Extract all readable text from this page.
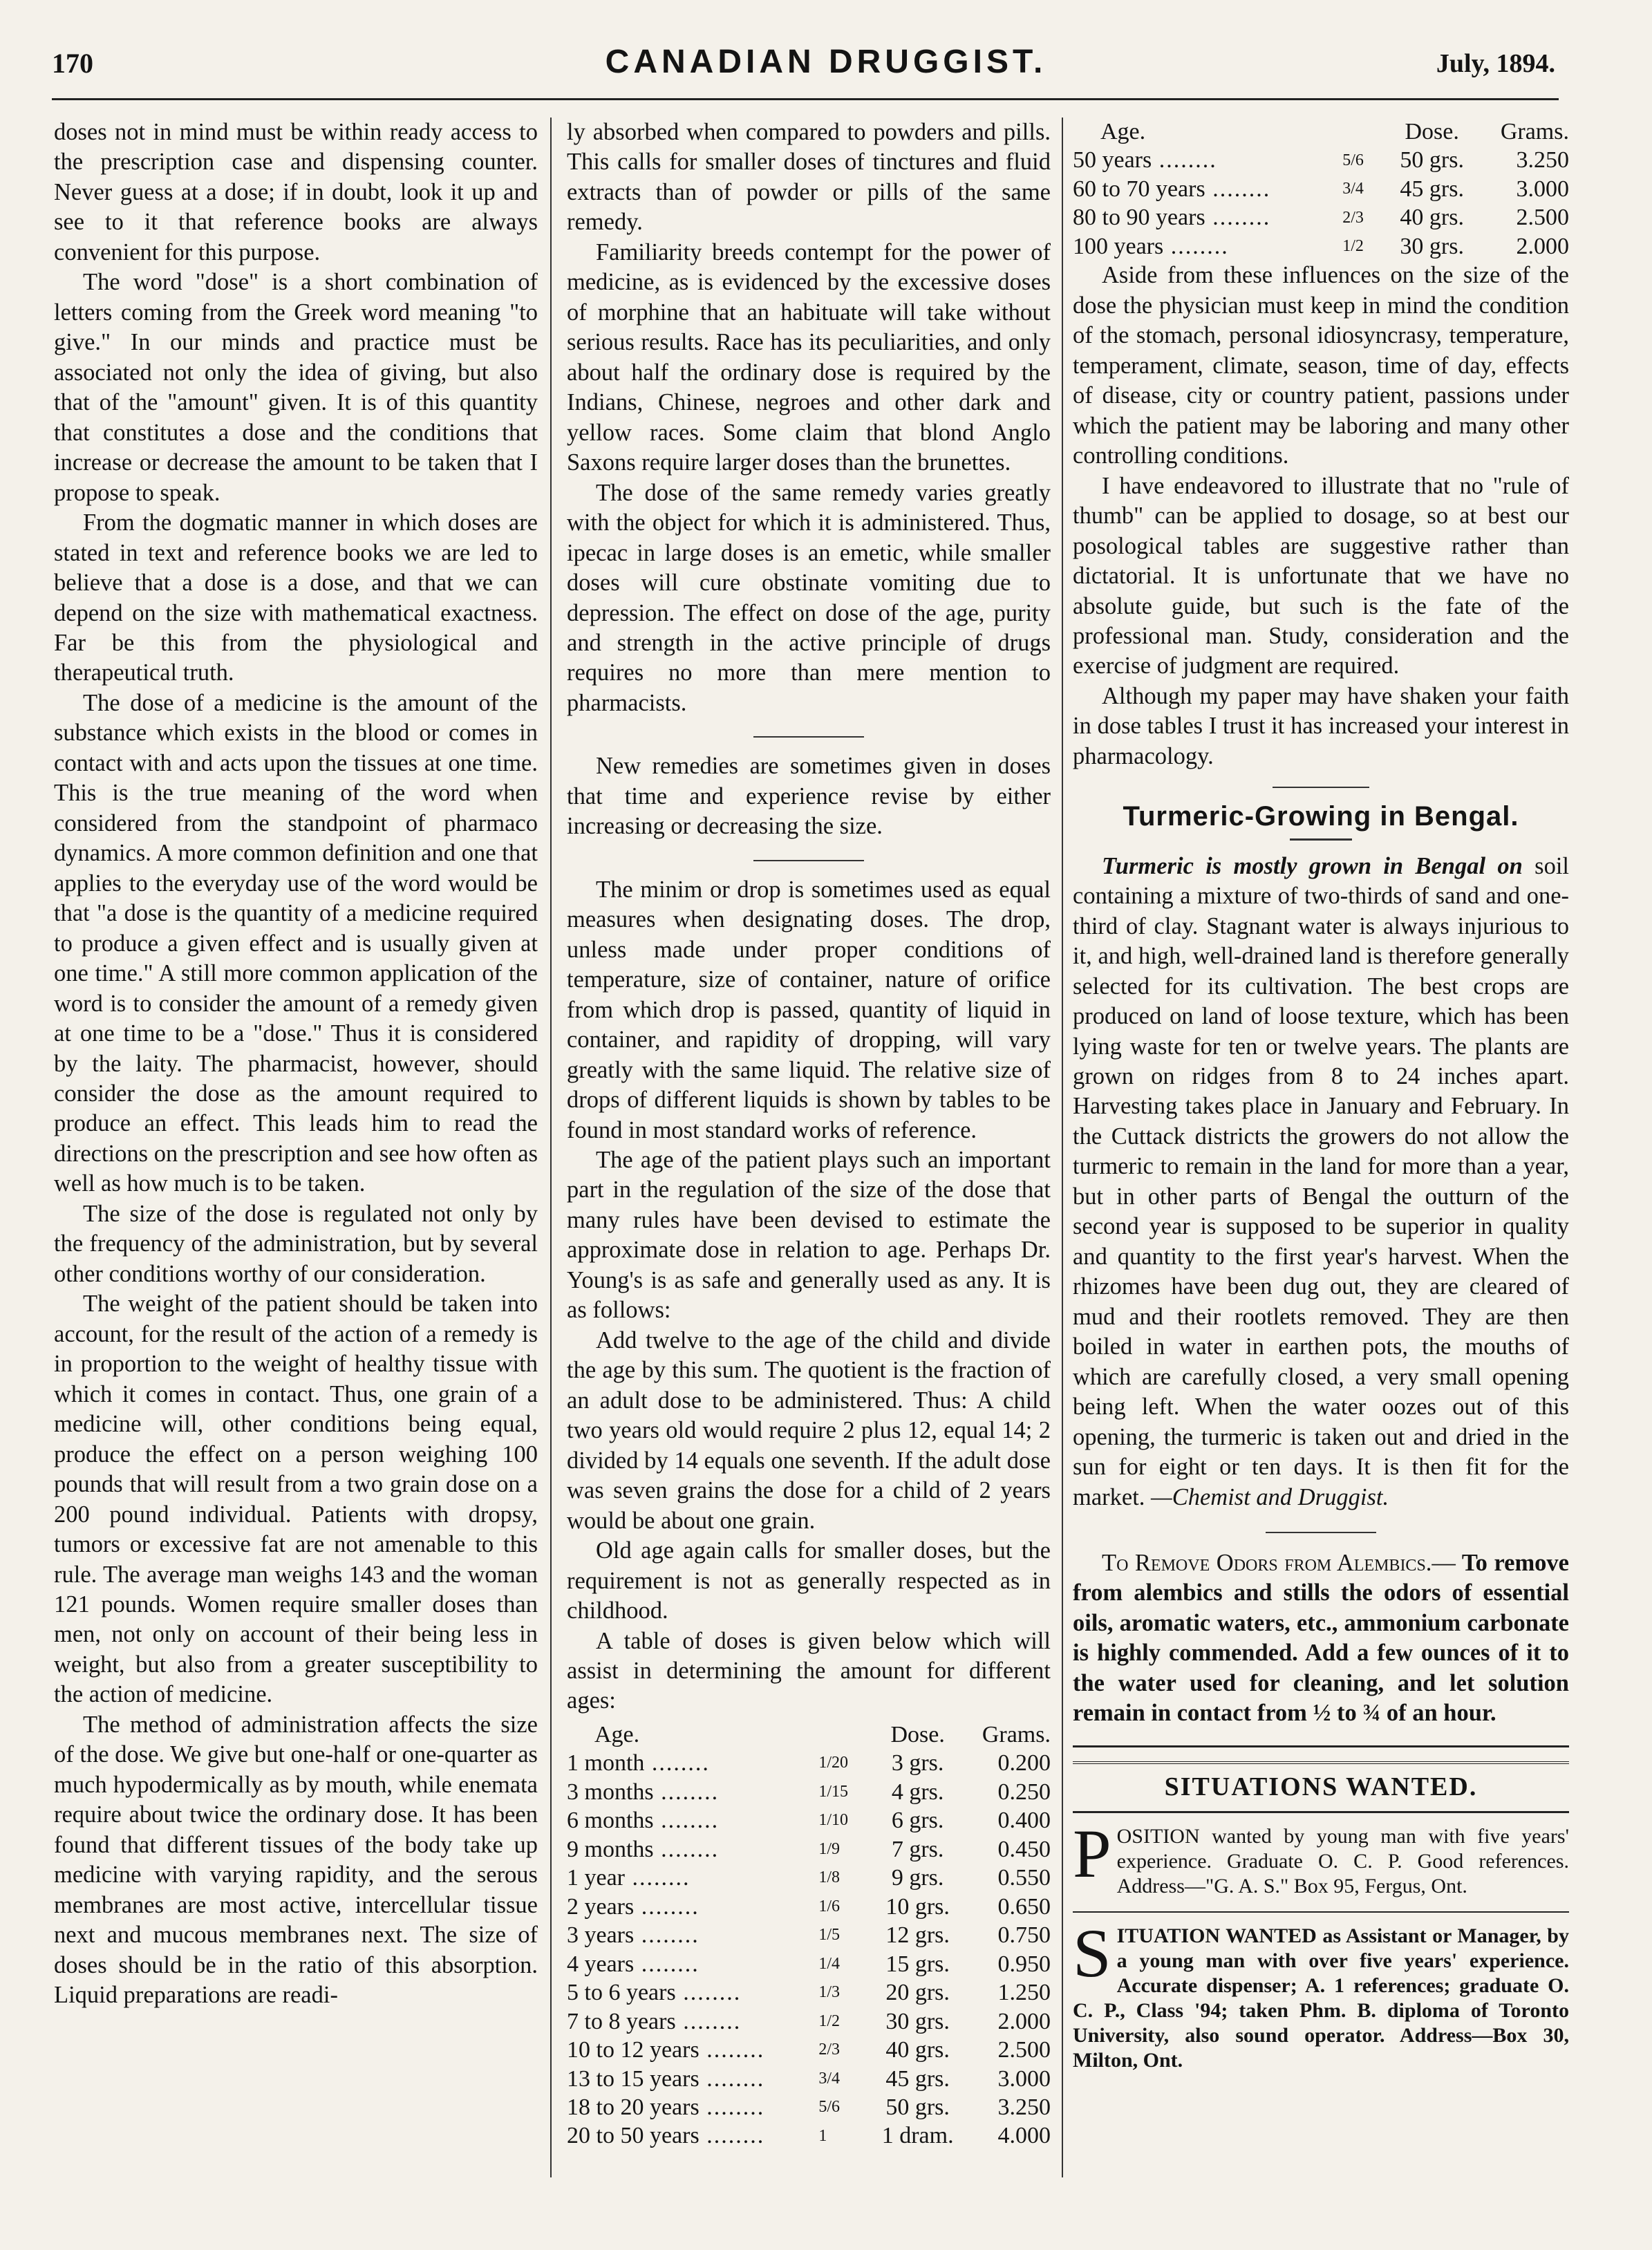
170	CANADIAN DRUGGIST.	July, 1894.

doses not in mind must be within ready access to the prescription case and dispensing counter. Never guess at a dose; if in doubt, look it up and see to it that reference books are always convenient for this purpose.

The word "dose" is a short combination of letters coming from the Greek word meaning "to give." In our minds and practice must be associated not only the idea of giving, but also that of the "amount" given. It is of this quantity that constitutes a dose and the conditions that increase or decrease the amount to be taken that I propose to speak.

From the dogmatic manner in which doses are stated in text and reference books we are led to believe that a dose is a dose, and that we can depend on the size with mathematical exactness. Far be this from the physiological and therapeutical truth.

The dose of a medicine is the amount of the substance which exists in the blood or comes in contact with and acts upon the tissues at one time. This is the true meaning of the word when considered from the standpoint of pharmaco dynamics. A more common definition and one that applies to the everyday use of the word would be that "a dose is the quantity of a medicine required to produce a given effect and is usually given at one time." A still more common application of the word is to consider the amount of a remedy given at one time to be a "dose." Thus it is considered by the laity. The pharmacist, however, should consider the dose as the amount required to produce an effect. This leads him to read the directions on the prescription and see how often as well as how much is to be taken.

The size of the dose is regulated not only by the frequency of the administration, but by several other conditions worthy of our consideration.

The weight of the patient should be taken into account, for the result of the action of a remedy is in proportion to the weight of healthy tissue with which it comes in contact. Thus, one grain of a medicine will, other conditions being equal, produce the effect on a person weighing 100 pounds that will result from a two grain dose on a 200 pound individual. Patients with dropsy, tumors or excessive fat are not amenable to this rule. The average man weighs 143 and the woman 121 pounds. Women require smaller doses than men, not only on account of their being less in weight, but also from a greater susceptibility to the action of medicine.

The method of administration affects the size of the dose. We give but one-half or one-quarter as much hypodermically as by mouth, while enemata require about twice the ordinary dose. It has been found that different tissues of the body take up medicine with varying rapidity, and the serous membranes are most active, intercellular tissue next and mucous membranes next. The size of doses should be in the ratio of this absorption. Liquid preparations are readi-

ly absorbed when compared to powders and pills. This calls for smaller doses of tinctures and fluid extracts than of powder or pills of the same remedy.

Familiarity breeds contempt for the power of medicine, as is evidenced by the excessive doses of morphine that an habituate will take without serious results. Race has its peculiarities, and only about half the ordinary dose is required by the Indians, Chinese, negroes and other dark and yellow races. Some claim that blond Anglo Saxons require larger doses than the brunettes.

The dose of the same remedy varies greatly with the object for which it is administered. Thus, ipecac in large doses is an emetic, while smaller doses will cure obstinate vomiting due to depression. The effect on dose of the age, purity and strength in the active principle of drugs requires no more than mere mention to pharmacists.

New remedies are sometimes given in doses that time and experience revise by either increasing or decreasing the size.

The minim or drop is sometimes used as equal measures when designating doses. The drop, unless made under proper conditions of temperature, size of container, nature of orifice from which drop is passed, quantity of liquid in container, and rapidity of dropping, will vary greatly with the same liquid. The relative size of drops of different liquids is shown by tables to be found in most standard works of reference.

The age of the patient plays such an important part in the regulation of the size of the dose that many rules have been devised to estimate the approximate dose in relation to age. Perhaps Dr. Young's is as safe and generally used as any. It is as follows:

Add twelve to the age of the child and divide the age by this sum. The quotient is the fraction of an adult dose to be administered. Thus: A child two years old would require 2 plus 12, equal 14; 2 divided by 14 equals one seventh. If the adult dose was seven grains the dose for a child of 2 years would be about one grain.

Old age again calls for smaller doses, but the requirement is not as generally respected as in childhood.

A table of doses is given below which will assist in determining the amount for different ages:

Age.		Dose.	Grams.
1 month ........	1/20	3 grs.	0.200
3 months ........	1/15	4 grs.	0.250
6 months ........	1/10	6 grs.	0.400
9 months ........	1/9	7 grs.	0.450
1 year ........	1/8	9 grs.	0.550
2 years ........	1/6	10 grs.	0.650
3 years ........	1/5	12 grs.	0.750
4 years ........	1/4	15 grs.	0.950
5 to 6 years ........	1/3	20 grs.	1.250
7 to 8 years ........	1/2	30 grs.	2.000
10 to 12 years ........	2/3	40 grs.	2.500
13 to 15 years ........	3/4	45 grs.	3.000
18 to 20 years ........	5/6	50 grs.	3.250
20 to 50 years ........	1	1 dram.	4.000
Age.		Dose.	Grams.
50 years ........	5/6	50 grs.	3.250
60 to 70 years ........	3/4	45 grs.	3.000
80 to 90 years ........	2/3	40 grs.	2.500
100 years ........	1/2	30 grs.	2.000

Aside from these influences on the size of the dose the physician must keep in mind the condition of the stomach, personal idiosyncrasy, temperature, temperament, climate, season, time of day, effects of disease, city or country patient, passions under which the patient may be laboring and many other controlling conditions.

I have endeavored to illustrate that no "rule of thumb" can be applied to dosage, so at best our posological tables are suggestive rather than dictatorial. It is unfortunate that we have no absolute guide, but such is the fate of the professional man. Study, consideration and the exercise of judgment are required.

Although my paper may have shaken your faith in dose tables I trust it has increased your interest in pharmacology.

Turmeric-Growing in Bengal.

Turmeric is mostly grown in Bengal on soil containing a mixture of two-thirds of sand and one-third of clay. Stagnant water is always injurious to it, and high, well-drained land is therefore generally selected for its cultivation. The best crops are produced on land of loose texture, which has been lying waste for ten or twelve years. The plants are grown on ridges from 8 to 24 inches apart. Harvesting takes place in January and February. In the Cuttack districts the growers do not allow the turmeric to remain in the land for more than a year, but in other parts of Bengal the outturn of the second year is supposed to be superior in quality and quantity to the first year's harvest. When the rhizomes have been dug out, they are cleared of mud and their rootlets removed. They are then boiled in water in earthen pots, the mouths of which are carefully closed, a very small opening being left. When the water oozes out of this opening, the turmeric is taken out and dried in the sun for eight or ten days. It is then fit for the market. —Chemist and Druggist.

To Remove Odors from Alembics.— To remove from alembics and stills the odors of essential oils, aromatic waters, etc., ammonium carbonate is highly commended. Add a few ounces of it to the water used for cleaning, and let solution remain in contact from ½ to ¾ of an hour.

SITUATIONS WANTED.
P OSITION wanted by young man with five years' experience. Graduate O. C. P. Good references. Address—"G. A. S." Box 95, Fergus, Ont.
S ITUATION WANTED as Assistant or Manager, by a young man with over five years' experience. Accurate dispenser; A. 1 references; graduate O. C. P., Class '94; taken Phm. B. diploma of Toronto University, also sound operator. Address—Box 30, Milton, Ont.
